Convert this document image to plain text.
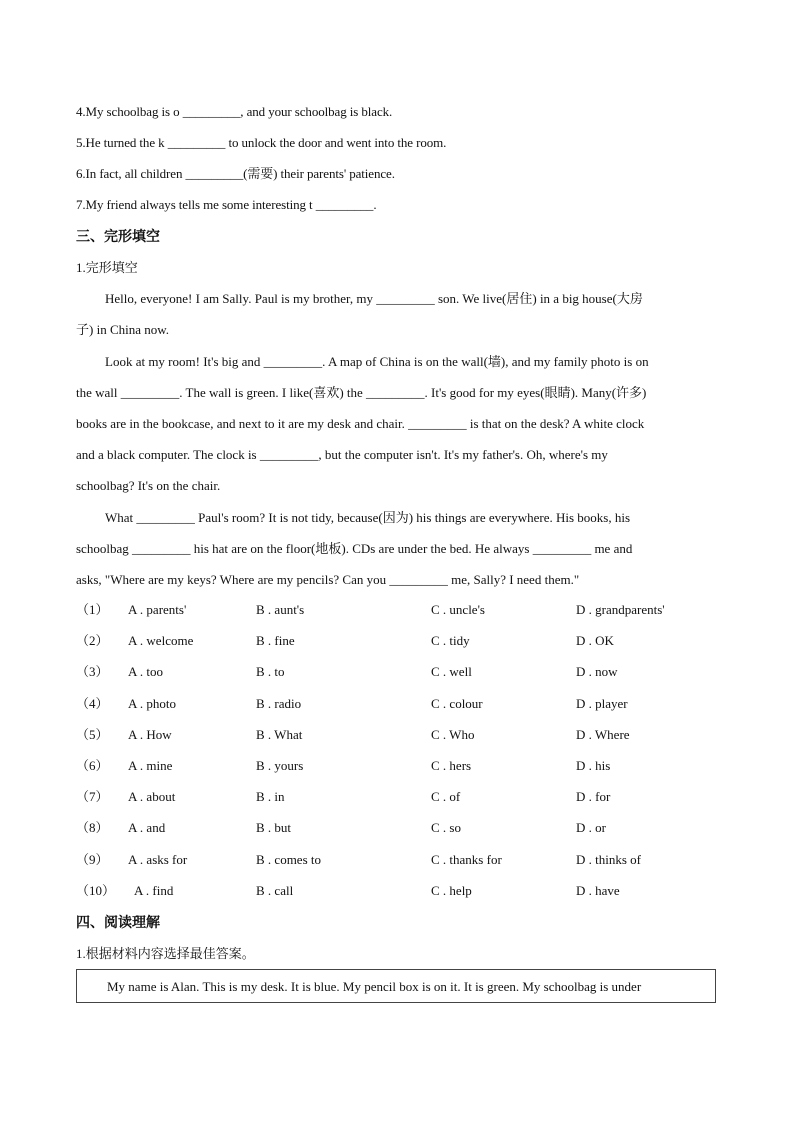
4.My schoolbag is o _________, and your schoolbag is black.
5.He turned the k _________ to unlock the door and went into the room.
6.In fact, all children _________(需要) their parents' patience.
7.My friend always tells me some interesting t _________.
三、完形填空
1.完形填空
Hello, everyone! I am Sally. Paul is my brother, my _________ son. We live(居住) in a big house(大房
子) in China now.
Look at my room! It's big and _________. A map of China is on the wall(墙), and my family photo is on
the wall _________. The wall is green. I like(喜欢) the _________. It's good for my eyes(眼睛). Many(许多)
books are in the bookcase, and next to it are my desk and chair. _________ is that on the desk? A white clock
and a black computer. The clock is _________, but the computer isn't. It's my father's. Oh, where's my
schoolbag? It's on the chair.
What _________ Paul's room? It is not tidy, because(因为) his things are everywhere. His books, his
schoolbag _________ his hat are on the floor(地板). CDs are under the bed. He always _________ me and
asks, "Where are my keys? Where are my pencils? Can you _________ me, Sally? I need them."
（1） A . parents'	B . aunt's	C . uncle's	D . grandparents'
（2） A . welcome	B . fine	C . tidy	D . OK
（3） A . too	B . to	C . well	D . now
（4） A . photo	B . radio	C . colour	D . player
（5） A . How	B . What	C . Who	D . Where
（6） A . mine	B . yours	C . hers	D . his
（7） A . about	B . in	C . of	D . for
（8） A . and	B . but	C . so	D . or
（9） A . asks for	B . comes to	C . thanks for	D . thinks of
（10） A . find	B . call	C . help	D . have
四、阅读理解
1.根据材料内容选择最佳答案。
My name is Alan. This is my desk. It is blue. My pencil box is on it. It is green. My schoolbag is under
